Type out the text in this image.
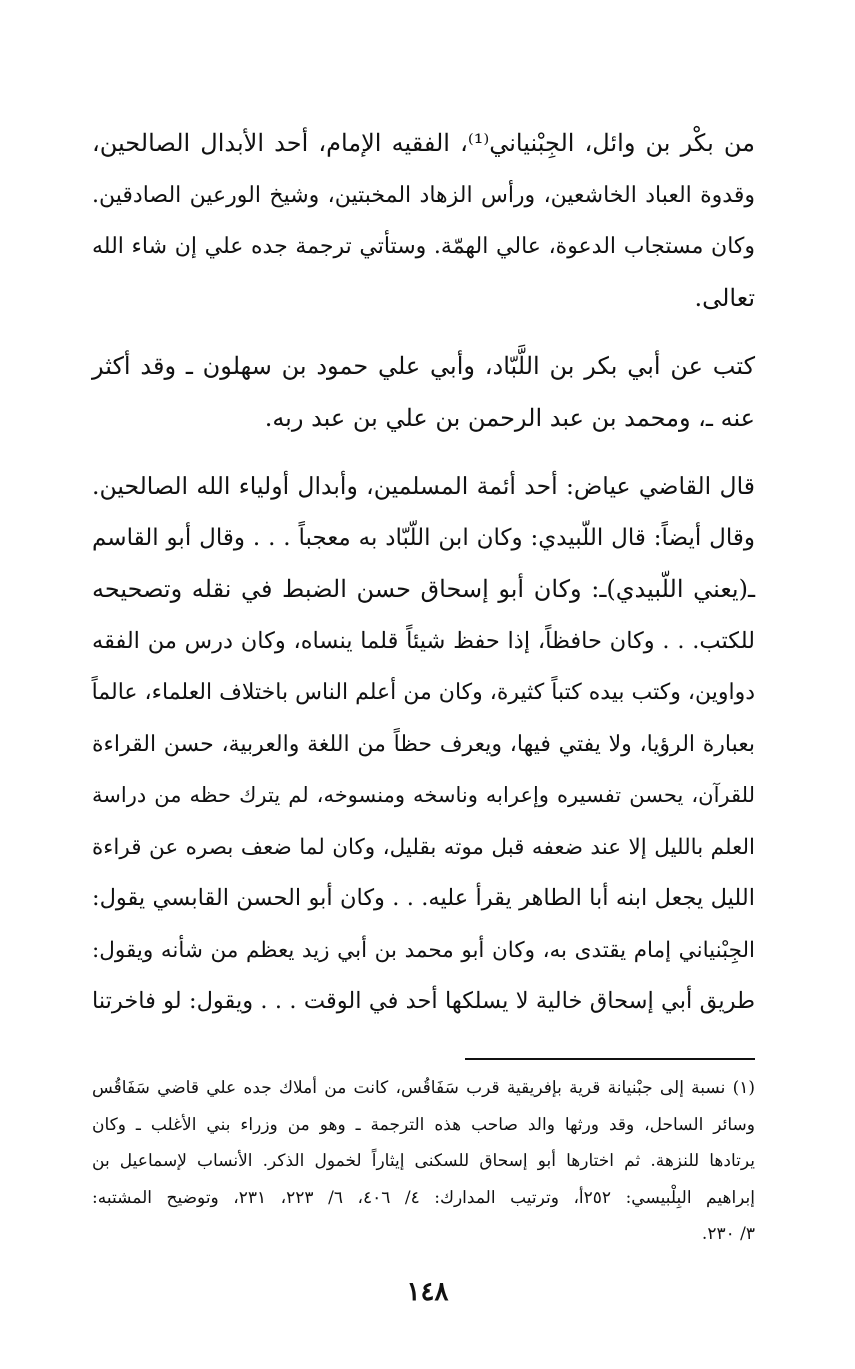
من بكْر بن وائل، الجِبْنياني⁽¹⁾، الفقيه الإمام، أحد الأبدال الصالحين،
وقدوة العباد الخاشعين، ورأس الزهاد المخبتين، وشيخ الورعين الصادقين.
وكان مستجاب الدعوة، عالي الهمّة. وستأتي ترجمة جده علي إن شاء الله
تعالى.

كتب عن أبي بكر بن اللَّبّاد، وأبي علي حمود بن سهلون ـ وقد أكثر
عنه ـ، ومحمد بن عبد الرحمن بن علي بن عبد ربه.

قال القاضي عياض: أحد أئمة المسلمين، وأبدال أولياء الله الصالحين.
وقال أيضاً: قال اللّبيدي: وكان ابن اللّبّاد به معجباً . . . وقال أبو القاسم
ـ(يعني اللّبيدي)ـ: وكان أبو إسحاق حسن الضبط في نقله وتصحيحه
للكتب. . . وكان حافظاً، إذا حفظ شيئاً قلما ينساه، وكان درس من الفقه
دواوين، وكتب بيده كتباً كثيرة، وكان من أعلم الناس باختلاف العلماء، عالماً
بعبارة الرؤيا، ولا يفتي فيها، ويعرف حظاً من اللغة والعربية، حسن القراءة
للقرآن، يحسن تفسيره وإعرابه وناسخه ومنسوخه، لم يترك حظه من دراسة
العلم بالليل إلا عند ضعفه قبل موته بقليل، وكان لما ضعف بصره عن قراءة
الليل يجعل ابنه أبا الطاهر يقرأ عليه. . . وكان أبو الحسن القابسي يقول:
الجِبْنياني إمام يقتدى به، وكان أبو محمد بن أبي زيد يعظم من شأنه ويقول:
طريق أبي إسحاق خالية لا يسلكها أحد في الوقت . . . ويقول: لو فاخرتنا

(١) نسبة إلى جبْنيانة قرية بإفريقية قرب سَفَاقُس، كانت من أملاك جده علي قاضي سَفَاقُس
وسائر الساحل، وقد ورثها والد صاحب هذه الترجمة ـ وهو من وزراء بني الأغلب ـ وكان
يرتادها للنزهة. ثم اختارها أبو إسحاق للسكنى إيثاراً لخمول الذكر. الأنساب لإسماعيل بن
إبراهيم البِلْبيسي: ٢٥٢أ، وترتيب المدارك: ٤/ ٤٠٦، ٦/ ٢٢٣، ٢٣١، وتوضيح المشتبه:
٣/ ٢٣٠.
١٤٨
